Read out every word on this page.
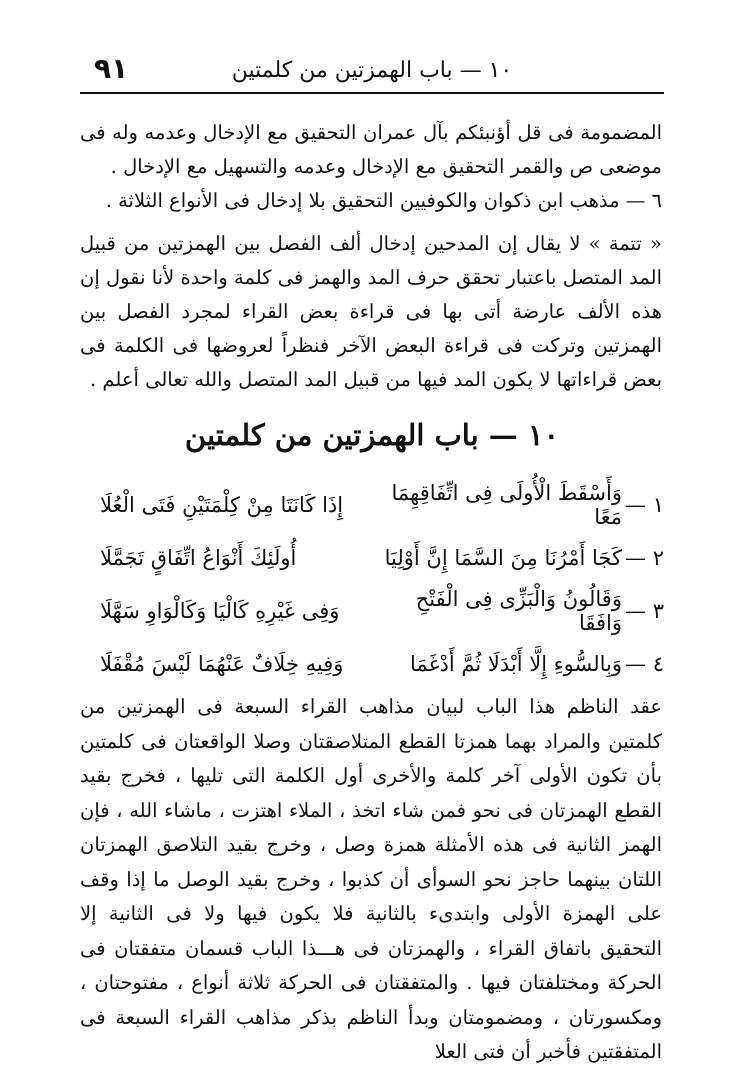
٩١	١٠ — باب الهمزتين من كلمتين
المضمومة فى قل أؤنبئكم بآل عمران التحقيق مع الإدخال وعدمه وله فى موضعى ص والقمر التحقيق مع الإدخال وعدمه والتسهيل مع الإدخال .
٦ — مذهب ابن ذكوان والكوفيين التحقيق بلا إدخال فى الأنواع الثلاثة .
« تتمة » لا يقال إن المدحين إدخال ألف الفصل بين الهمزتين من قبيل المد المتصل باعتبار تحقق حرف المد والهمز فى كلمة واحدة لأنا نقول إن هذه الألف عارضة أتى بها فى قراءة بعض القراء لمجرد الفصل بين الهمزتين وتركت فى قراءة البعض الآخر فنظراً لعروضها فى الكلمة فى بعض قراءاتها لا يكون المد فيها من قبيل المد المتصل والله تعالى أعلم .
١٠ — باب الهمزتين من كلمتين
١ —
وَأَسْقَطَ الْأُولَى فِى اتِّفَاقِهِمَا مَعًا
إِذَا كَانَتَا مِنْ كِلْمَتَيْنِ فَتَى الْعُلَا
٢ —
كَجَا أَمْرُنَا مِنَ السَّمَا إِنَّ أَوْلِيَا
أُولَئِكَ أَنْوَاعُ اتِّفَاقٍ تَجَمَّلَا
٣ —
وَقَالُونُ وَالْبَزِّى فِى الْفَتْحِ وَافَقَا
وَفِى غَيْرِهِ كَالْيَا وَكَالْوَاوِ سَهَّلَا
٤ —
وَبِالسُّوءِ إِلَّا أَبْدَلَا ثُمَّ أَدْغَمَا
وَفِيهِ خِلَافٌ عَنْهُمَا لَيْسَ مُقْفَلَا
عقد الناظم هذا الباب لبيان مذاهب القراء السبعة فى الهمزتين من كلمتين والمراد بهما همزتا القطع المتلاصقتان وصلا الواقعتان فى كلمتين بأن تكون الأولى آخر كلمة والأخرى أول الكلمة التى تليها ، فخرج بقيد القطع الهمزتان فى نحو فمن شاء اتخذ ، الملاء اهتزت ، ماشاء الله ، فإن الهمز الثانية فى هذه الأمثلة همزة وصل ، وخرج بقيد التلاصق الهمزتان اللتان بينهما حاجز نحو السوأى أن كذبوا ، وخرج بقيد الوصل ما إذا وقف على الهمزة الأولى وابتدىء بالثانية فلا يكون فيها ولا فى الثانية إلا التحقيق باتفاق القراء ، والهمزتان فى هـــذا الباب قسمان متفقتان فى الحركة ومختلفتان فيها . والمتفقتان فى الحركة ثلاثة أنواع ، مفتوحتان ، ومكسورتان ، ومضمومتان وبدأ الناظم بذكر مذاهب القراء السبعة فى المتفقتين فأخبر أن فتى العلا
